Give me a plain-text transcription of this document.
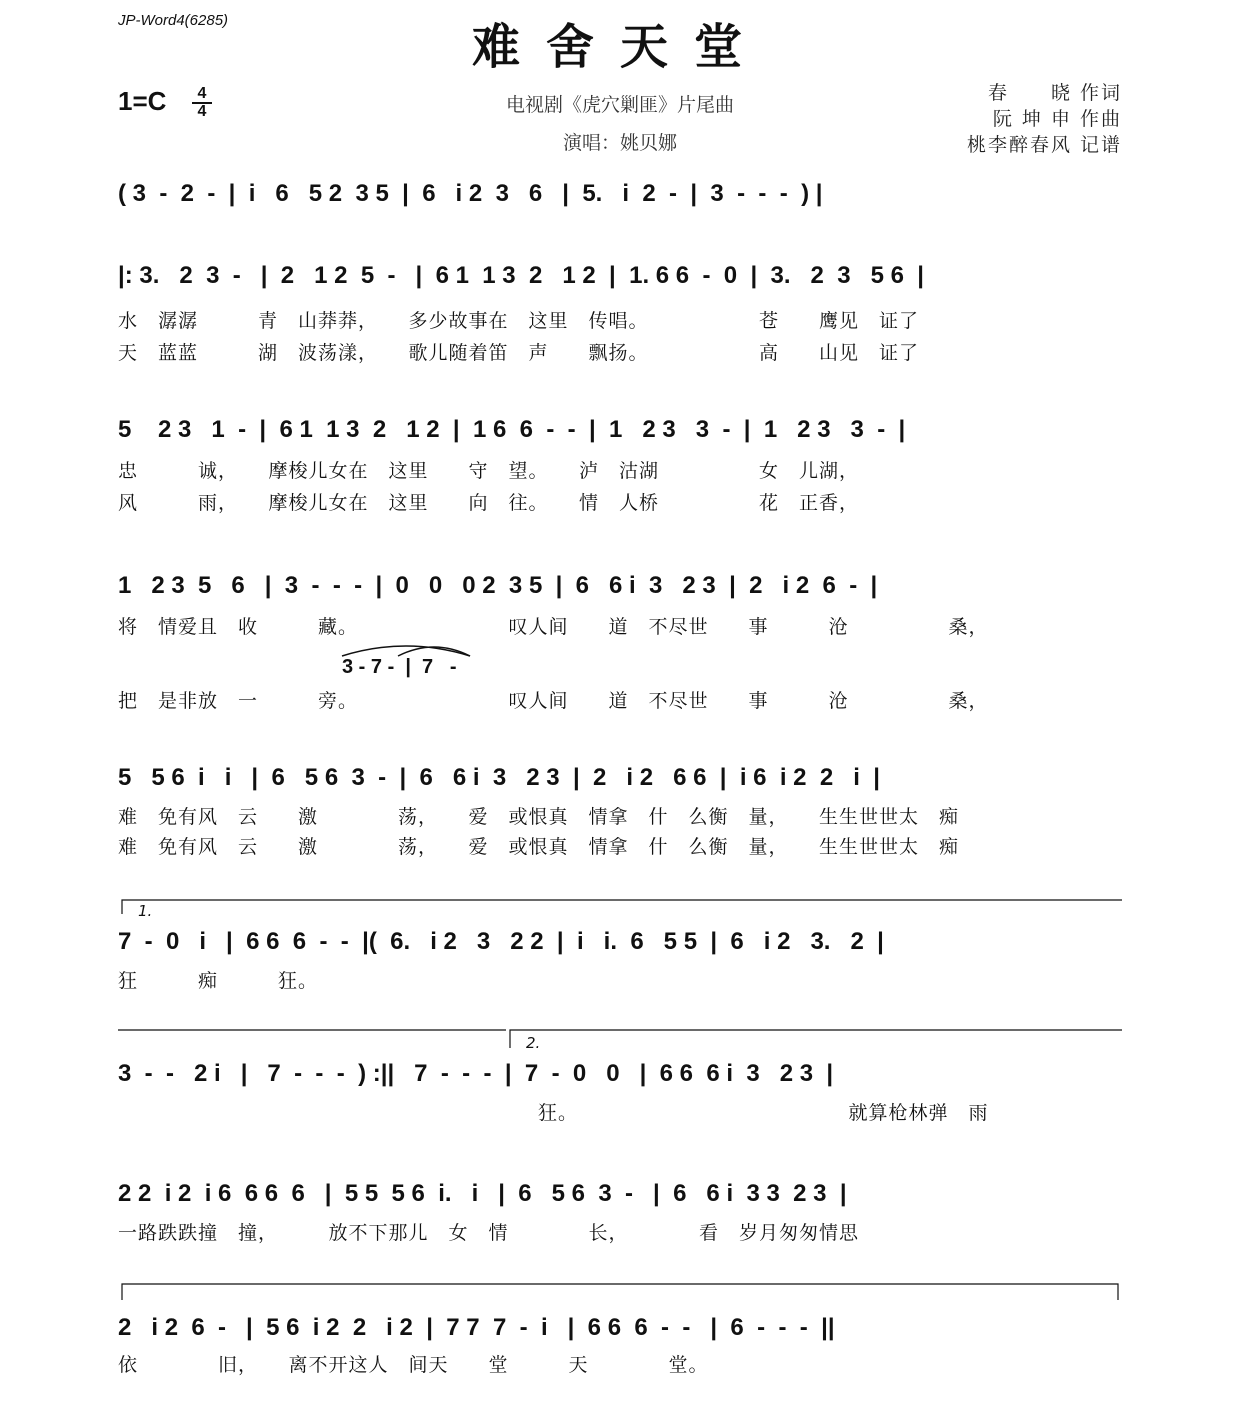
JP-Word4(6285)	难舍天堂
$1=C \frac{4}{4}$	电视剧《虎穴剿匪》片尾曲
演唱：姚贝娜
春　　晓 作词
阮 坤 申 作曲
桃李醉春风 记谱
( 3  -  2  -  |  i   6   5 2  3 5  |  6   i 2  3   6   |  5.   i  2  -  |  3  -  -  -  ) |
|: 3.   2  3  -   |  2   1 2  5  -   |  6 1  1 3  2   1 2  |  1. 6 6  -  0  |  3.   2  3   5 6  |
水　潺潺　　　青　山莽莽，　　多少故事在　这里　传唱。　　　　　　苍　　鹰见　证了
天　蓝蓝　　　湖　波荡漾，　　歌儿随着笛　声　　飘扬。　　　　　　高　　山见　证了
5    2 3   1  -  |  6 1  1 3  2   1 2  |  1 6  6  -  -  |  1   2 3   3  -  |  1   2 3   3  -  |
忠　　　诚，　　摩梭儿女在　这里　　守　望。　　泸　沽湖　　　　　女　儿湖，
风　　　雨，　　摩梭儿女在　这里　　向　往。　　情　人桥　　　　　花　正香，
1   2 3  5   6   |  3  -  -  -  |  0   0   0 2  3 5  |  6   6 i  3   2 3  |  2   i 2  6  -  |
将　情爱且　收　　　藏。　　　　　　　　叹人间　　道　不尽世　　事　　　沧　　　　　桑，
3 - 7 -  |  7   -
把　是非放　一　　　旁。　　　　　　　　叹人间　　道　不尽世　　事　　　沧　　　　　桑，
5   5 6  i   i   |  6   5 6  3  -  |  6   6 i  3   2 3  |  2   i 2   6 6  |  i 6  i 2  2   i  |
难　免有风　云　　激　　　　荡，　　爱　或恨真　情拿　什　么衡　量，　　生生世世太　痴
难　免有风　云　　激　　　　荡，　　爱　或恨真　情拿　什　么衡　量，　　生生世世太　痴
1.
7  -  0   i   |  6 6  6  -  -  |(  6.   i 2   3   2 2  |  i   i.  6   5 5  |  6   i 2   3.   2  |
狂　　　痴　　　狂。
2.
3  -  -   2 i   |   7  -  -  -  ) :||   7  -  -  -  |  7  -  0   0   |  6 6  6 i  3   2 3  |
　　　　　　　　　　　　　　　　　　　　　狂。　　　　　　　　　　　　　　就算枪林弹　雨
2 2  i 2  i 6  6 6  6   |  5 5  5 6  i.   i   |  6   5 6  3  -   |  6   6 i  3 3  2 3  |
一路跌跌撞　撞，　　　放不下那儿　女　情　　　　长，　　　　看　岁月匆匆情思
2   i 2  6  -   |  5 6  i 2  2   i 2  |  7 7  7  -  i   |  6 6  6  -  -   |  6  -  -  -  ||
依　　　　旧，　　离不开这人　间天　　堂　　　天　　　　堂。
